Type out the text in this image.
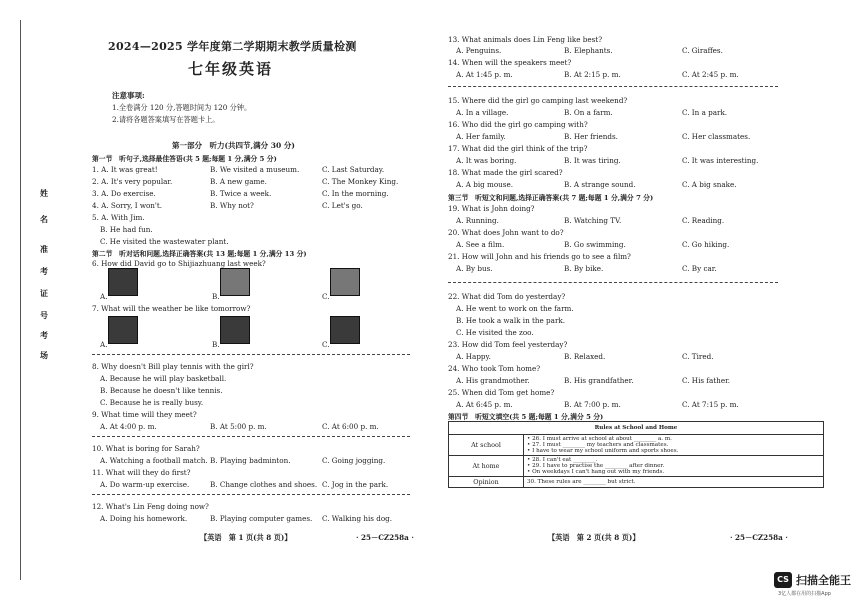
姓
名
准
考
证
号
考
场
2024—2025 学年度第二学期期末教学质量检测
七年级英语
注意事项:
1.全卷满分 120 分,答题时间为 120 分钟。
2.请将各题答案填写在答题卡上。
第一部分　听力(共四节,满分 30 分)
第一节　听句子,选择最佳答语(共 5 题;每题 1 分,满分 5 分)
1. A. It was great!	B. We visited a museum.	C. Last Saturday.
2. A. It's very popular.	B. A new game.	C. The Monkey King.
3. A. Do exercise.	B. Twice a week.	C. In the morning.
4. A. Sorry, I won't.	B. Why not?	C. Let's go.
5. A. With Jim.
B. He had fun.
C. He visited the wastewater plant.
第二节　听对话和问题,选择正确答案(共 13 题;每题 1 分,满分 13 分)
6. How did David go to Shijiazhuang last week?
A.	B.	C.
7. What will the weather be like tomorrow?
A.	B.	C.
8. Why doesn't Bill play tennis with the girl?
A. Because he will play basketball.
B. Because he doesn't like tennis.
C. Because he is really busy.
9. What time will they meet?
A. At 4:00 p. m.	B. At 5:00 p. m.	C. At 6:00 p. m.
10. What is boring for Sarah?
A. Watching a football match. B. Playing badminton.	C. Going jogging.
11. What will they do first?
A. Do warm-up exercise.	B. Change clothes and shoes. C. Jog in the park.
12. What's Lin Feng doing now?
A. Doing his homework.	B. Playing computer games. C. Walking his dog.
【英语　第 1 页(共 8 页)】	· 25－CZ258a ·
13. What animals does Lin Feng like best?
A. Penguins.	B. Elephants.	C. Giraffes.
14. When will the speakers meet?
A. At 1:45 p. m.	B. At 2:15 p. m.	C. At 2:45 p. m.
15. Where did the girl go camping last weekend?
A. In a village.	B. On a farm.	C. In a park.
16. Who did the girl go camping with?
A. Her family.	B. Her friends.	C. Her classmates.
17. What did the girl think of the trip?
A. It was boring.	B. It was tiring.	C. It was interesting.
18. What made the girl scared?
A. A big mouse.	B. A strange sound.	C. A big snake.
第三节　听短文和问题,选择正确答案(共 7 题;每题 1 分,满分 7 分)
19. What is John doing?
A. Running.	B. Watching TV.	C. Reading.
20. What does John want to do?
A. See a film.	B. Go swimming.	C. Go hiking.
21. How will John and his friends go to see a film?
A. By bus.	B. By bike.	C. By car.
22. What did Tom do yesterday?
A. He went to work on the farm.
B. He took a walk in the park.
C. He visited the zoo.
23. How did Tom feel yesterday?
A. Happy.	B. Relaxed.	C. Tired.
24. Who took Tom home?
A. His grandmother.	B. His grandfather.	C. His father.
25. When did Tom get home?
A. At 6:45 p. m.	B. At 7:00 p. m.	C. At 7:15 p. m.
第四节　听短文填空(共 5 题;每题 1 分,满分 5 分)
【英语　第 2 页(共 8 页)】	· 25－CZ258a ·
Rules at School and Home	
At school	• 26. I must arrive at school at about ________ a. m.
• 27. I must ________ my teachers and classmates.
• I have to wear my school uniform and sports shoes.

At home	• 28. I can't eat ________.
• 29. I have to practise the ________ after dinner.
• On weekdays I can't hang out with my friends.

Opinion	30. These rules are ________ but strict.
CS 扫描全能王
3亿人都在用的扫描App
